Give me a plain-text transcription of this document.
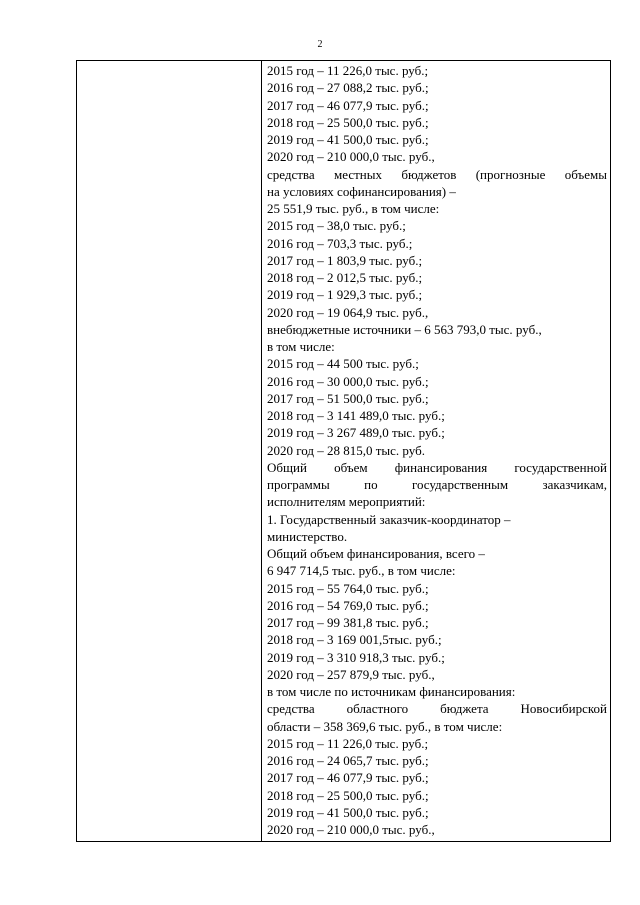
2
2015 год – 11 226,0 тыс. руб.;
2016 год – 27 088,2 тыс. руб.;
2017 год – 46 077,9 тыс. руб.;
2018 год – 25 500,0 тыс. руб.;
2019 год – 41 500,0 тыс. руб.;
2020 год – 210 000,0 тыс. руб.,
средства местных бюджетов (прогнозные объемы
на условиях софинансирования) –
25 551,9 тыс. руб., в том числе:
2015 год – 38,0 тыс. руб.;
2016 год – 703,3 тыс. руб.;
2017 год – 1 803,9 тыс. руб.;
2018 год – 2 012,5 тыс. руб.;
2019 год – 1 929,3 тыс. руб.;
2020 год – 19 064,9 тыс. руб.,
внебюджетные источники – 6 563 793,0 тыс. руб.,
в том числе:
2015 год – 44 500 тыс. руб.;
2016 год – 30 000,0 тыс. руб.;
2017 год – 51 500,0 тыс. руб.;
2018 год – 3 141 489,0 тыс. руб.;
2019 год – 3 267 489,0 тыс. руб.;
2020 год – 28 815,0 тыс. руб.
Общий объем финансирования государственной
программы по государственным заказчикам,
исполнителям мероприятий:
1. Государственный заказчик-координатор –
министерство.
Общий объем финансирования, всего –
6 947 714,5 тыс. руб., в том числе:
2015 год – 55 764,0 тыс. руб.;
2016 год – 54 769,0 тыс. руб.;
2017 год – 99 381,8 тыс. руб.;
2018 год – 3 169 001,5тыс. руб.;
2019 год – 3 310 918,3 тыс. руб.;
2020 год – 257 879,9 тыс. руб.,
в том числе по источникам финансирования:
средства областного бюджета Новосибирской
области – 358 369,6 тыс. руб., в том числе:
2015 год – 11 226,0 тыс. руб.;
2016 год – 24 065,7 тыс. руб.;
2017 год – 46 077,9 тыс. руб.;
2018 год – 25 500,0 тыс. руб.;
2019 год – 41 500,0 тыс. руб.;
2020 год – 210 000,0 тыс. руб.,
